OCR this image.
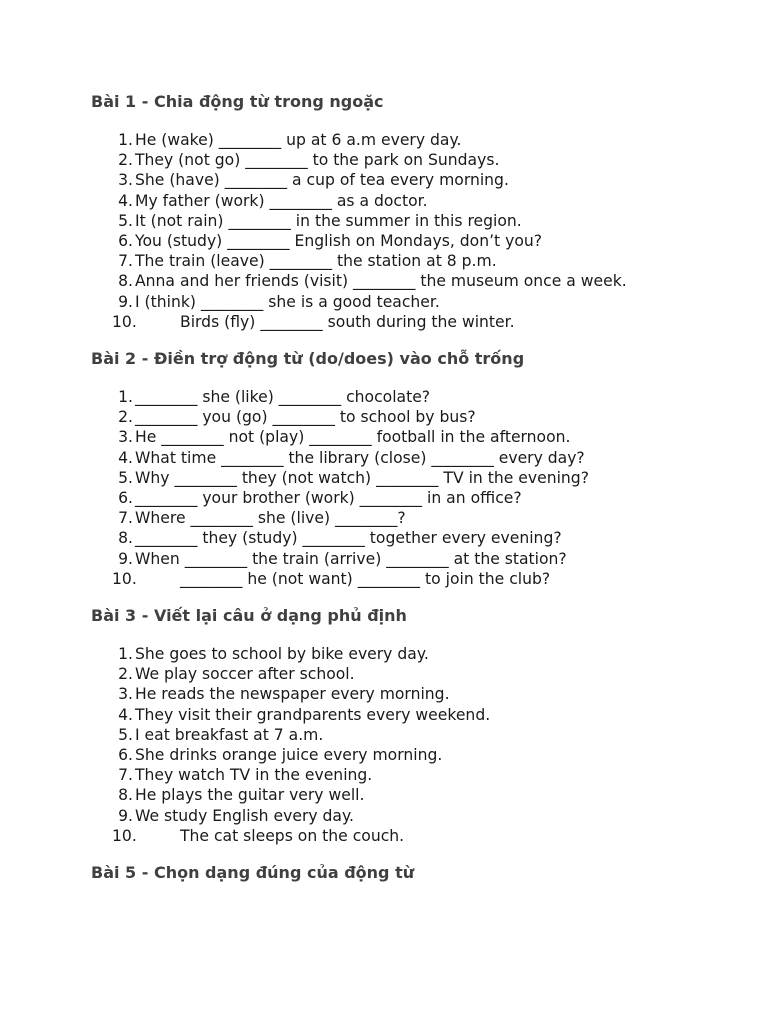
Bài 1 - Chia động từ trong ngoặc
1. He (wake) ________ up at 6 a.m every day.
2. They (not go) ________ to the park on Sundays.
3. She (have) ________ a cup of tea every morning.
4. My father (work) ________ as a doctor.
5. It (not rain) ________ in the summer in this region.
6. You (study) ________ English on Mondays, don’t you?
7. The train (leave) ________ the station at 8 p.m.
8. Anna and her friends (visit) ________ the museum once a week.
9. I (think) ________ she is a good teacher.
10.	Birds (fly) ________ south during the winter.
Bài 2 - Điền trợ động từ (do/does) vào chỗ trống
1. ________ she (like) ________ chocolate?
2. ________ you (go) ________ to school by bus?
3. He ________ not (play) ________ football in the afternoon.
4. What time ________ the library (close) ________ every day?
5. Why ________ they (not watch) ________ TV in the evening?
6. ________ your brother (work) ________ in an office?
7. Where ________ she (live) ________?
8. ________ they (study) ________ together every evening?
9. When ________ the train (arrive) ________ at the station?
10.	________ he (not want) ________ to join the club?
Bài 3 - Viết lại câu ở dạng phủ định
1. She goes to school by bike every day.
2. We play soccer after school.
3. He reads the newspaper every morning.
4. They visit their grandparents every weekend.
5. I eat breakfast at 7 a.m.
6. She drinks orange juice every morning.
7. They watch TV in the evening.
8. He plays the guitar very well.
9. We study English every day.
10.	The cat sleeps on the couch.
Bài 5 - Chọn dạng đúng của động từ
